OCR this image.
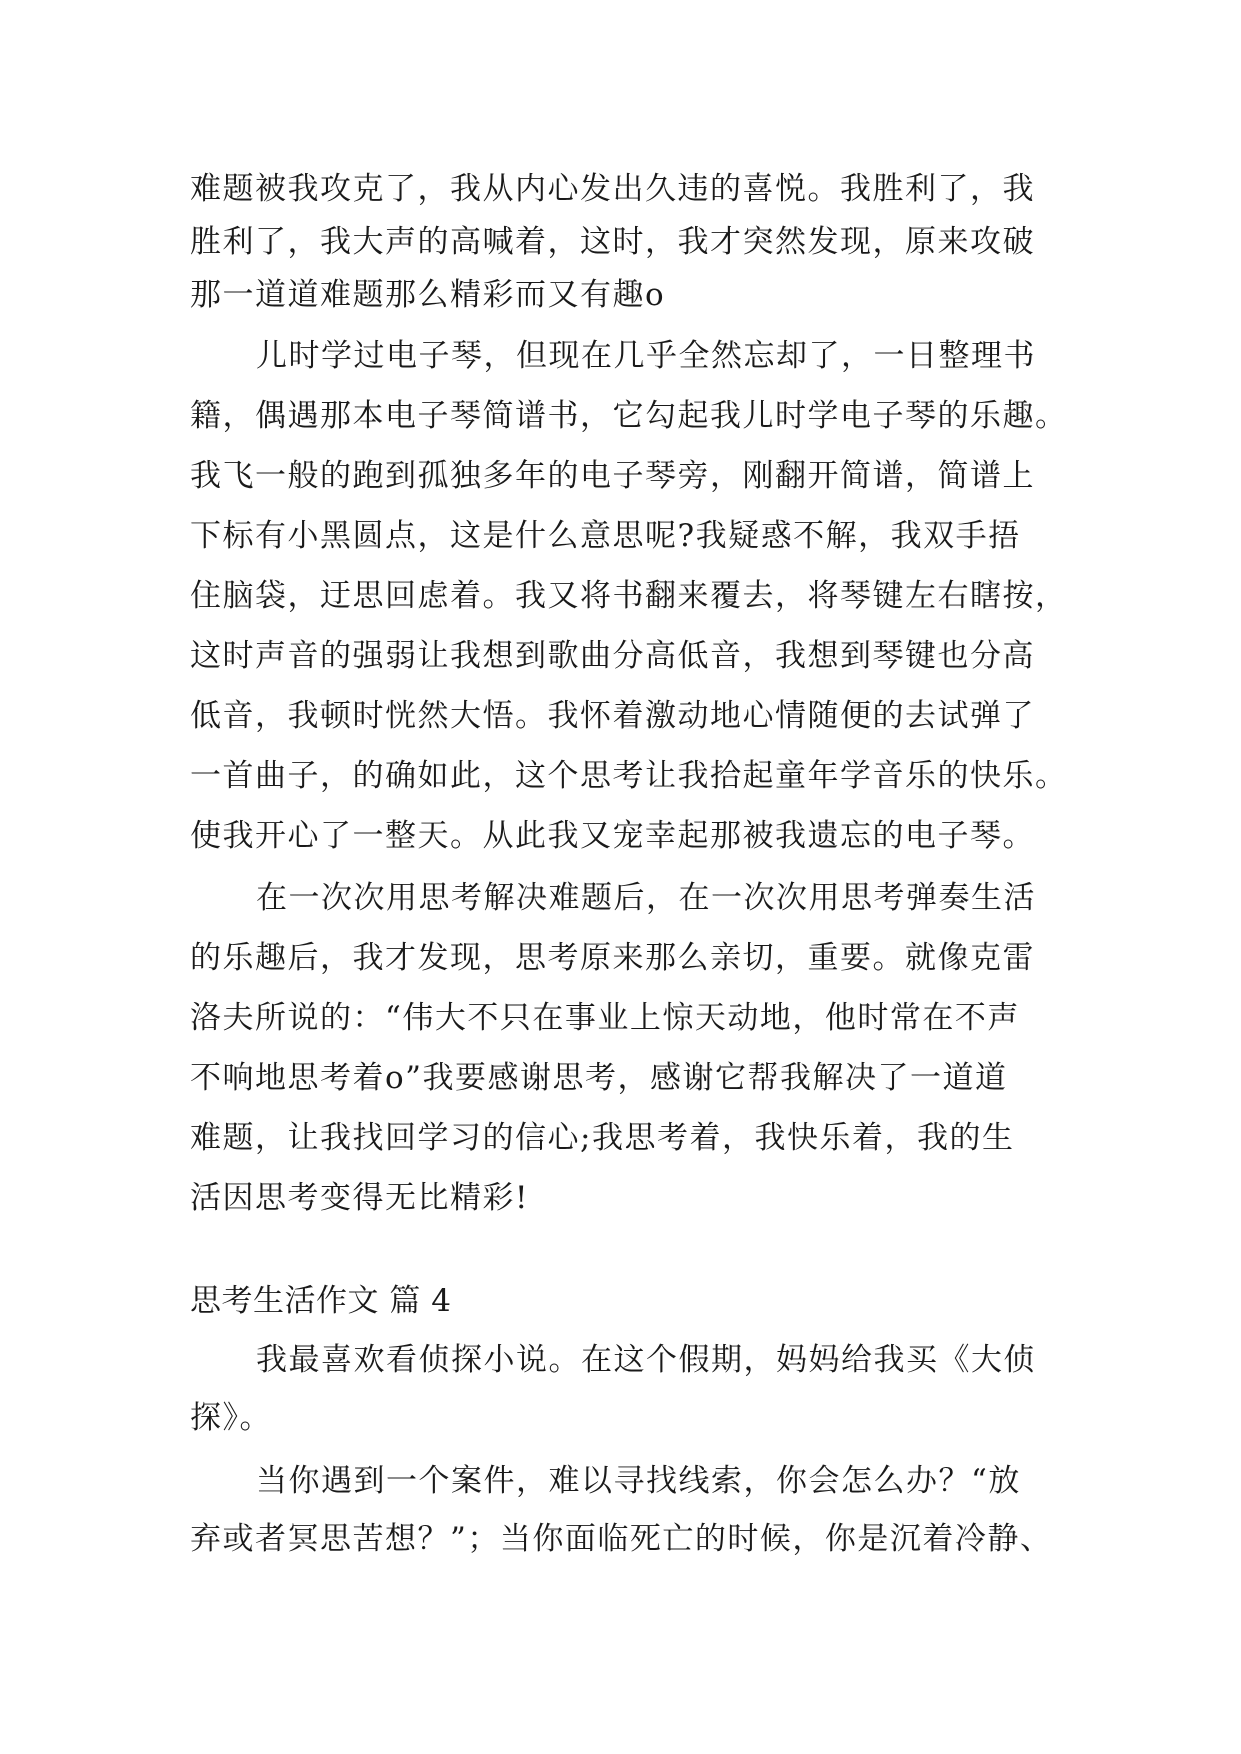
难题被我攻克了，我从内心发出久违的喜悦。我胜利了，我
胜利了，我大声的高喊着，这时，我才突然发现，原来攻破
那一道道难题那么精彩而又有趣o
儿时学过电子琴，但现在几乎全然忘却了，一日整理书
籍，偶遇那本电子琴简谱书，它勾起我儿时学电子琴的乐趣。
我飞一般的跑到孤独多年的电子琴旁，刚翻开简谱，简谱上
下标有小黑圆点，这是什么意思呢?我疑惑不解，我双手捂
住脑袋，迂思回虑着。我又将书翻来覆去，将琴键左右瞎按，
这时声音的强弱让我想到歌曲分高低音，我想到琴键也分高
低音，我顿时恍然大悟。我怀着激动地心情随便的去试弹了
一首曲子，的确如此，这个思考让我拾起童年学音乐的快乐。
使我开心了一整天。从此我又宠幸起那被我遗忘的电子琴。
在一次次用思考解决难题后，在一次次用思考弹奏生活
的乐趣后，我才发现，思考原来那么亲切，重要。就像克雷
洛夫所说的：“伟大不只在事业上惊天动地，他时常在不声
不响地思考着o”我要感谢思考，感谢它帮我解决了一道道
难题，让我找回学习的信心;我思考着，我快乐着，我的生
活因思考变得无比精彩!
思考生活作文 篇 4
我最喜欢看侦探小说。在这个假期，妈妈给我买《大侦
探》。
当你遇到一个案件，难以寻找线索，你会怎么办？“放
弃或者冥思苦想？”；当你面临死亡的时候，你是沉着冷静、
